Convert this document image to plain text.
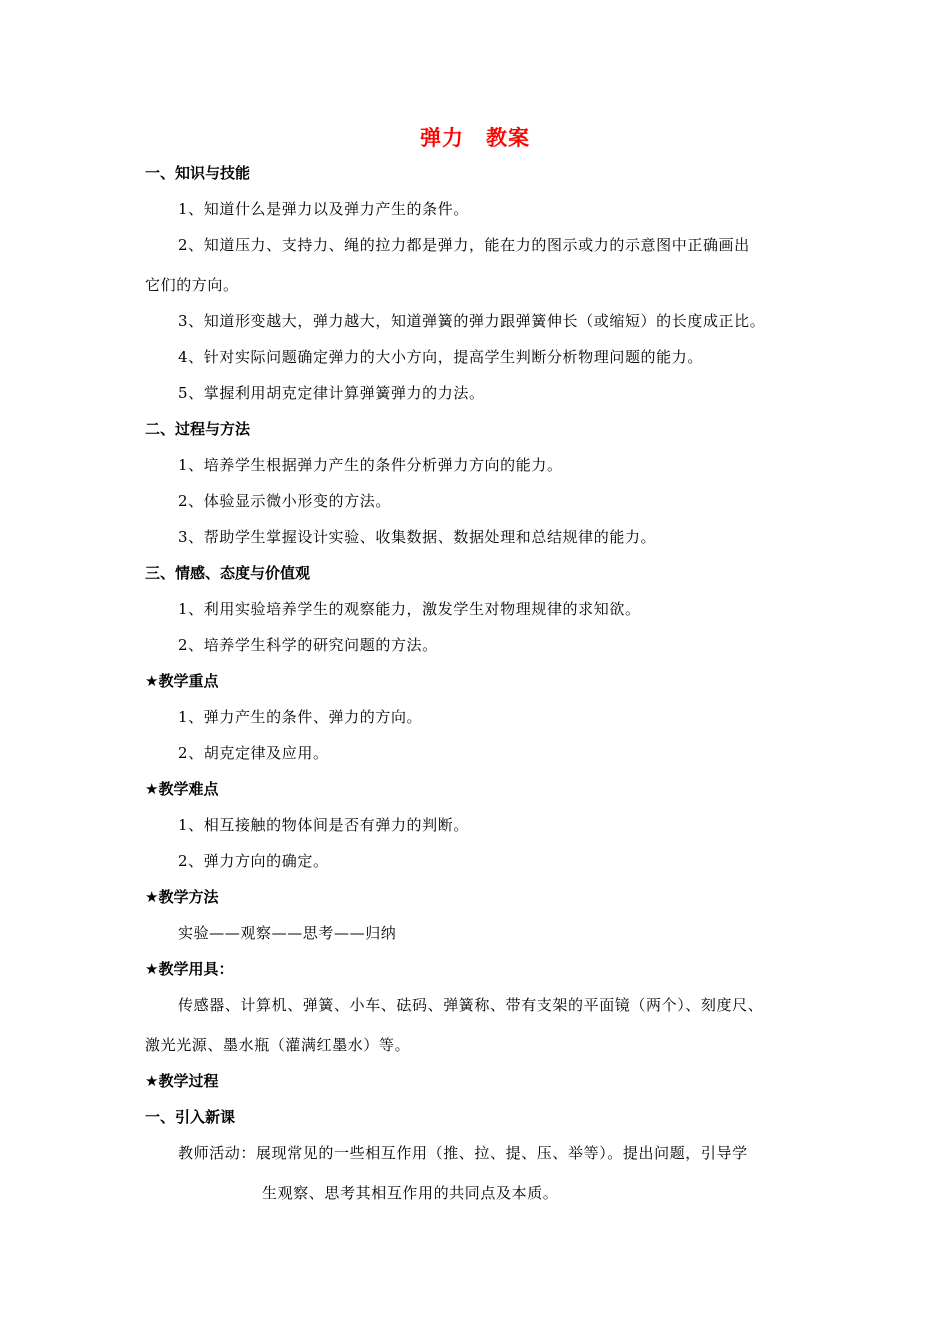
弹力　教案
一、知识与技能
1、知道什么是弹力以及弹力产生的条件。
2、知道压力、支持力、绳的拉力都是弹力，能在力的图示或力的示意图中正确画出
它们的方向。
3、知道形变越大，弹力越大，知道弹簧的弹力跟弹簧伸长（或缩短）的长度成正比。
4、针对实际问题确定弹力的大小方向，提高学生判断分析物理问题的能力。
5、掌握利用胡克定律计算弹簧弹力的力法。
二、过程与方法
1、培养学生根据弹力产生的条件分析弹力方向的能力。
2、体验显示微小形变的方法。
3、帮助学生掌握设计实验、收集数据、数据处理和总结规律的能力。
三、情感、态度与价值观
1、利用实验培养学生的观察能力，激发学生对物理规律的求知欲。
2、培养学生科学的研究问题的方法。
★教学重点
1、弹力产生的条件、弹力的方向。
2、胡克定律及应用。
★教学难点
1、相互接触的物体间是否有弹力的判断。
2、弹力方向的确定。
★教学方法
实验——观察——思考——归纳
★教学用具：
传感器、计算机、弹簧、小车、砝码、弹簧称、带有支架的平面镜（两个）、刻度尺、
激光光源、墨水瓶（灌满红墨水）等。
★教学过程
一、引入新课
教师活动：展现常见的一些相互作用（推、拉、提、压、举等）。提出问题，引导学
生观察、思考其相互作用的共同点及本质。
